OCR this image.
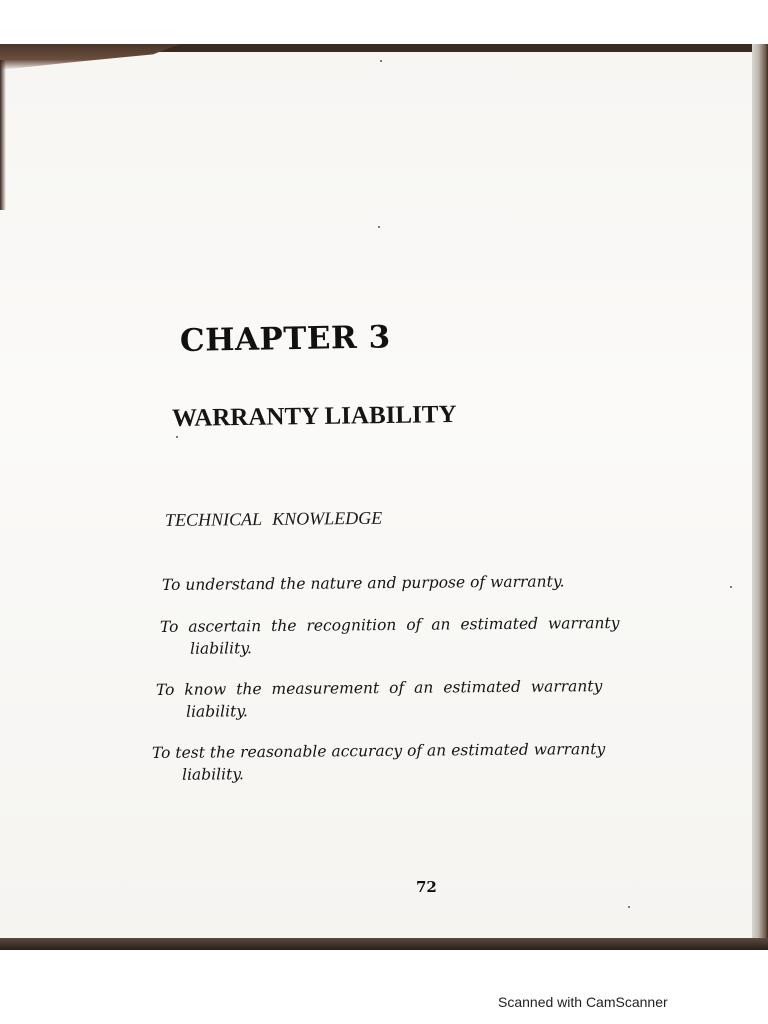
CHAPTER 3
WARRANTY LIABILITY
TECHNICAL KNOWLEDGE
To understand the nature and purpose of warranty.
To ascertain the recognition of an estimated warranty
liability.
To know the measurement of an estimated warranty
liability.
To test the reasonable accuracy of an estimated warranty
liability.
72
Scanned with CamScanner
